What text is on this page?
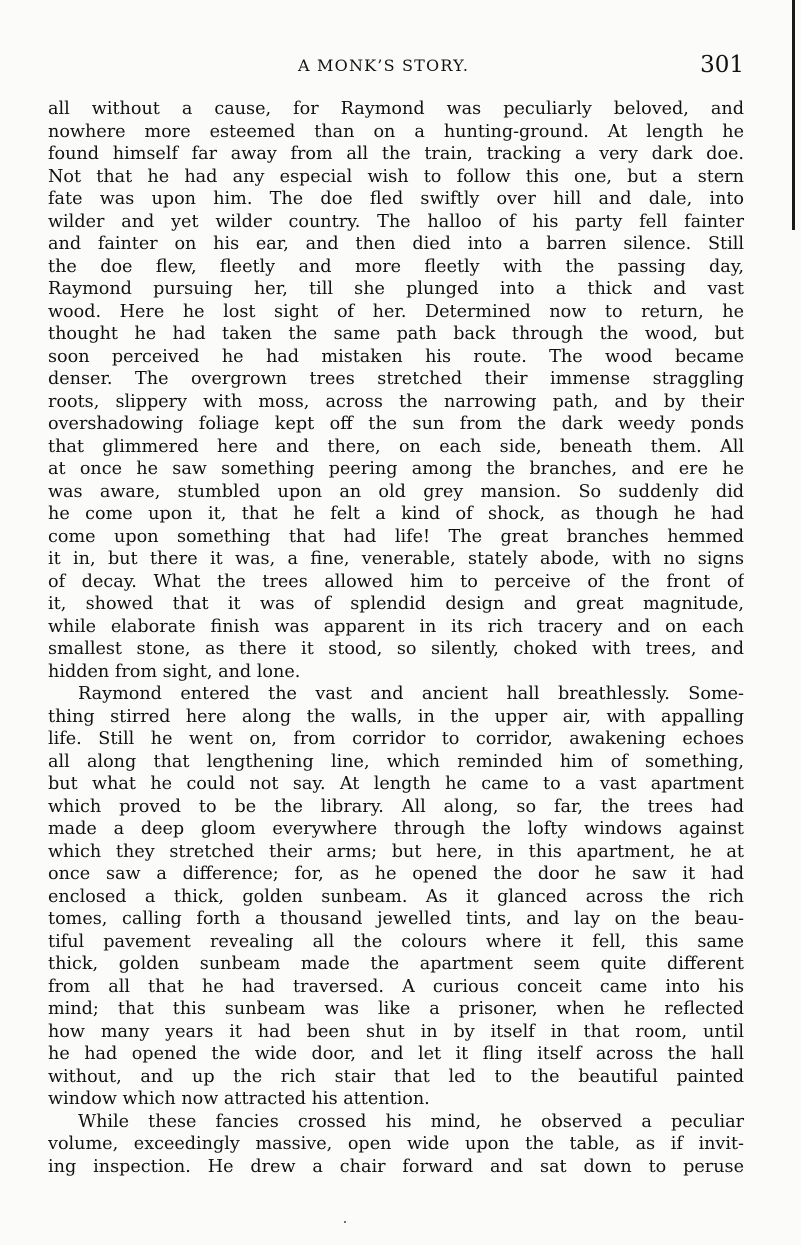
A MONK’S STORY.	301
all without a cause, for Raymond was peculiarly beloved, and
nowhere more esteemed than on a hunting-ground. At length he
found himself far away from all the train, tracking a very dark doe.
Not that he had any especial wish to follow this one, but a stern
fate was upon him. The doe fled swiftly over hill and dale, into
wilder and yet wilder country. The halloo of his party fell fainter
and fainter on his ear, and then died into a barren silence. Still
the doe flew, fleetly and more fleetly with the passing day,
Raymond pursuing her, till she plunged into a thick and vast
wood. Here he lost sight of her. Determined now to return, he
thought he had taken the same path back through the wood, but
soon perceived he had mistaken his route. The wood became
denser. The overgrown trees stretched their immense straggling
roots, slippery with moss, across the narrowing path, and by their
overshadowing foliage kept off the sun from the dark weedy ponds
that glimmered here and there, on each side, beneath them. All
at once he saw something peering among the branches, and ere he
was aware, stumbled upon an old grey mansion. So suddenly did
he come upon it, that he felt a kind of shock, as though he had
come upon something that had life! The great branches hemmed
it in, but there it was, a fine, venerable, stately abode, with no signs
of decay. What the trees allowed him to perceive of the front of
it, showed that it was of splendid design and great magnitude,
while elaborate finish was apparent in its rich tracery and on each
smallest stone, as there it stood, so silently, choked with trees, and
hidden from sight, and lone.
Raymond entered the vast and ancient hall breathlessly. Some-
thing stirred here along the walls, in the upper air, with appalling
life. Still he went on, from corridor to corridor, awakening echoes
all along that lengthening line, which reminded him of something,
but what he could not say. At length he came to a vast apartment
which proved to be the library. All along, so far, the trees had
made a deep gloom everywhere through the lofty windows against
which they stretched their arms; but here, in this apartment, he at
once saw a difference; for, as he opened the door he saw it had
enclosed a thick, golden sunbeam. As it glanced across the rich
tomes, calling forth a thousand jewelled tints, and lay on the beau-
tiful pavement revealing all the colours where it fell, this same
thick, golden sunbeam made the apartment seem quite different
from all that he had traversed. A curious conceit came into his
mind; that this sunbeam was like a prisoner, when he reflected
how many years it had been shut in by itself in that room, until
he had opened the wide door, and let it fling itself across the hall
without, and up the rich stair that led to the beautiful painted
window which now attracted his attention.
While these fancies crossed his mind, he observed a peculiar
volume, exceedingly massive, open wide upon the table, as if invit-
ing inspection. He drew a chair forward and sat down to peruse
